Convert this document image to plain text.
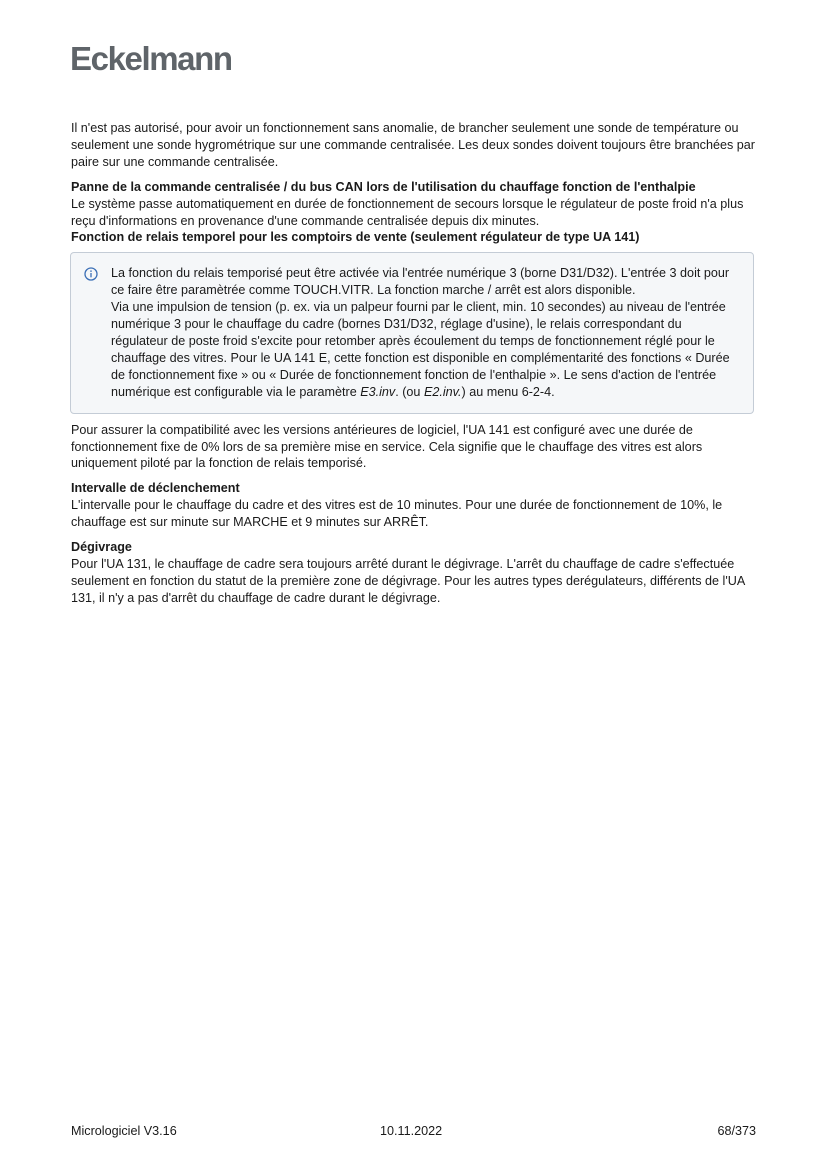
Eckelmann

Il n'est pas autorisé, pour avoir un fonctionnement sans anomalie, de brancher seulement une sonde de température ou seulement une sonde hygrométrique sur une commande centralisée. Les deux sondes doivent toujours être branchées par paire sur une commande centralisée.

Panne de la commande centralisée / du bus CAN lors de l'utilisation du chauffage fonction de l'enthalpie

Le système passe automatiquement en durée de fonctionnement de secours lorsque le régulateur de poste froid n'a plus reçu d'informations en provenance d'une commande centralisée depuis dix minutes.

Fonction de relais temporel pour les comptoirs de vente (seulement régulateur de type UA 141)

La fonction du relais temporisé peut être activée via l'entrée numérique 3 (borne D31/D32). L'entrée 3 doit pour ce faire être paramètrée comme TOUCH.VITR. La fonction marche / arrêt est alors disponible.

Via une impulsion de tension (p. ex. via un palpeur fourni par le client, min. 10 secondes) au niveau de l'entrée numérique 3 pour le chauffage du cadre (bornes D31/D32, réglage d'usine), le relais correspondant du régulateur de poste froid s'excite pour retomber après écoulement du temps de fonctionnement réglé pour le chauffage des vitres. Pour le UA 141 E, cette fonction est disponible en complémentarité des fonctions « Durée de fonctionnement fixe » ou « Durée de fonctionnement fonction de l'enthalpie ». Le sens d'action de l'entrée numérique est configurable via le paramètre E3.inv. (ou E2.inv.) au menu 6-2-4.

Pour assurer la compatibilité avec les versions antérieures de logiciel, l'UA 141 est configuré avec une durée de fonctionnement fixe de 0% lors de sa première mise en service. Cela signifie que le chauffage des vitres est alors uniquement piloté par la fonction de relais temporisé.

Intervalle de déclenchement

L'intervalle pour le chauffage du cadre et des vitres est de 10 minutes. Pour une durée de fonctionnement de 10%, le chauffage est sur minute sur MARCHE et 9 minutes sur ARRÊT.

Dégivrage

Pour l'UA 131, le chauffage de cadre sera toujours arrêté durant le dégivrage. L'arrêt du chauffage de cadre s'effectuée seulement en fonction du statut de la première zone de dégivrage. Pour les autres types derégulateurs, différents de l'UA 131, il n'y a pas d'arrêt du chauffage de cadre durant le dégivrage.

Micrologiciel V3.16	10.11.2022	68/373
